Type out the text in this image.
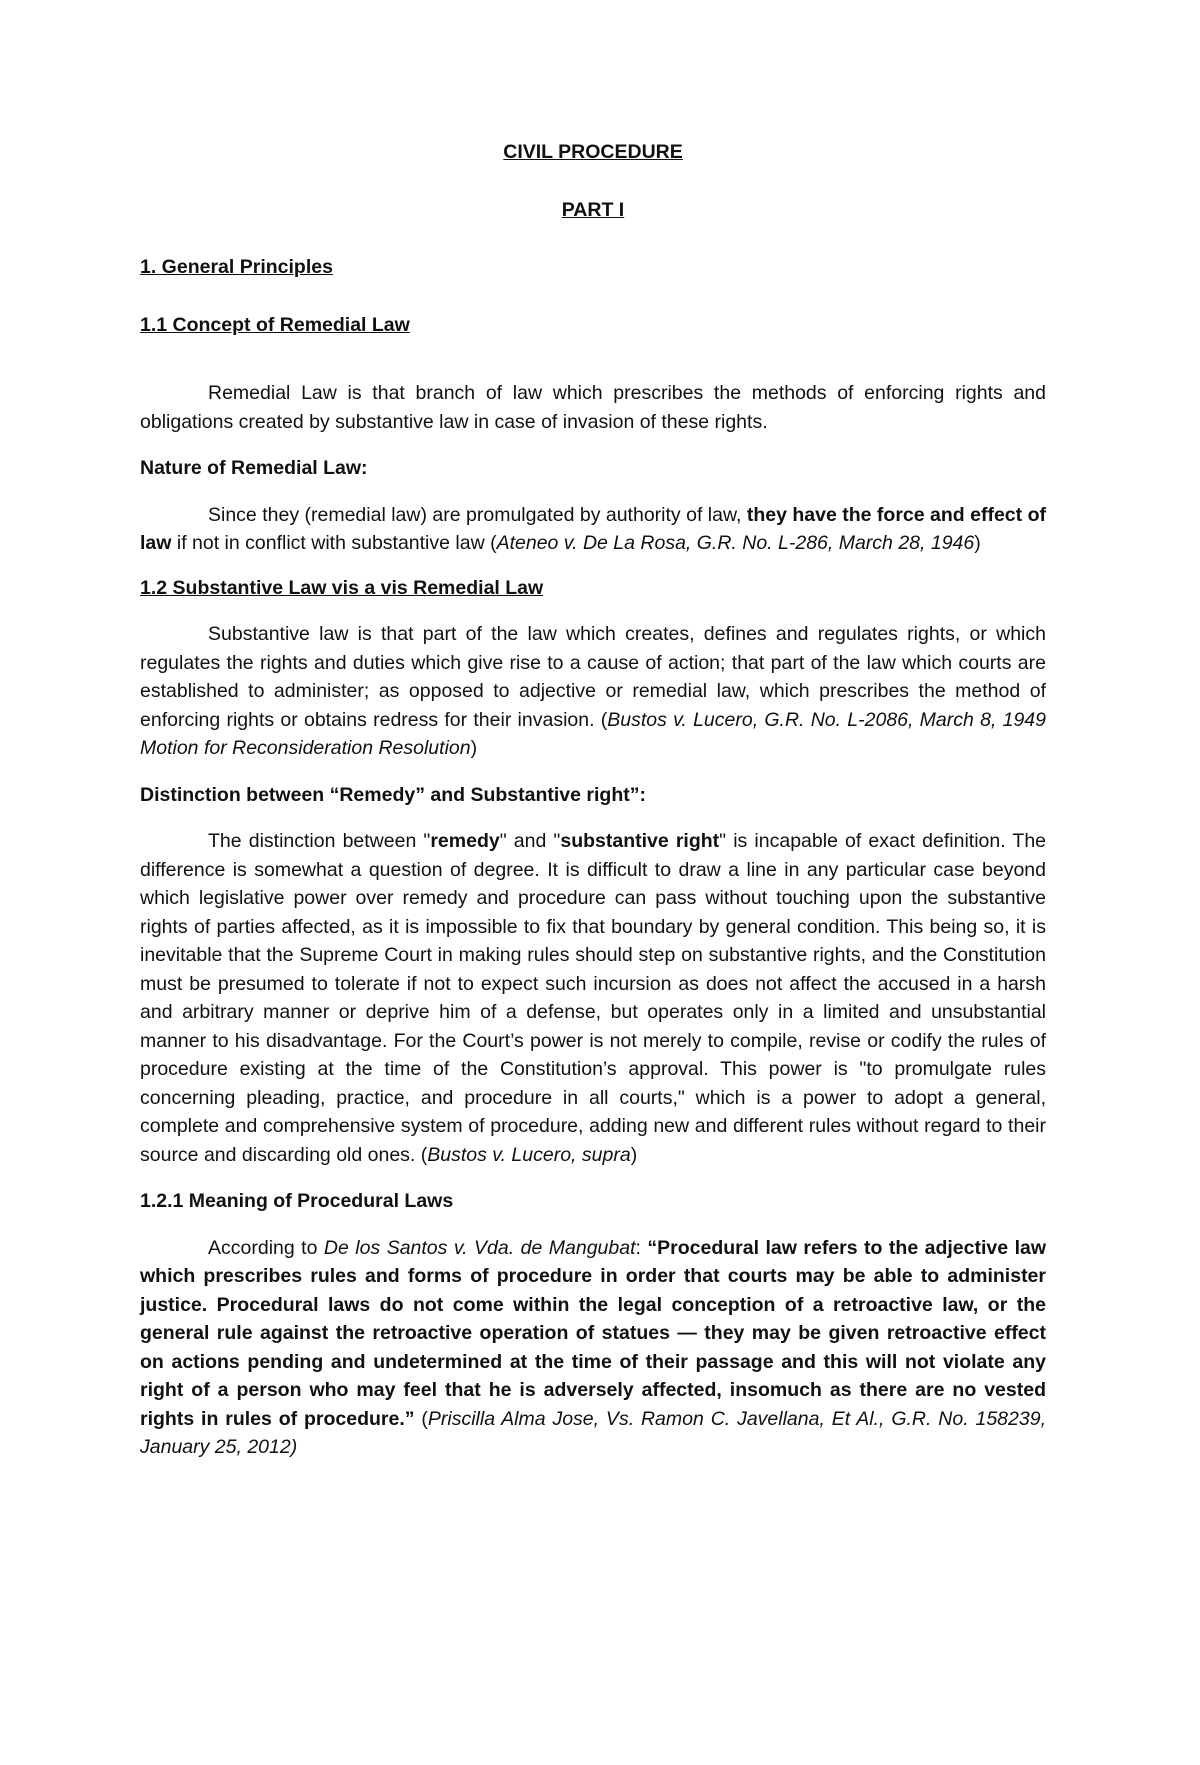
CIVIL PROCEDURE

PART I

1. General Principles

1.1 Concept of Remedial Law

Remedial Law is that branch of law which prescribes the methods of enforcing rights and obligations created by substantive law in case of invasion of these rights.

Nature of Remedial Law:

Since they (remedial law) are promulgated by authority of law, they have the force and effect of law if not in conflict with substantive law (Ateneo v. De La Rosa, G.R. No. L-286, March 28, 1946)

1.2 Substantive Law vis a vis Remedial Law

Substantive law is that part of the law which creates, defines and regulates rights, or which regulates the rights and duties which give rise to a cause of action; that part of the law which courts are established to administer; as opposed to adjective or remedial law, which prescribes the method of enforcing rights or obtains redress for their invasion. (Bustos v. Lucero, G.R. No. L-2086, March 8, 1949 Motion for Reconsideration Resolution)

Distinction between “Remedy” and Substantive right”:

The distinction between "remedy" and "substantive right" is incapable of exact definition. The difference is somewhat a question of degree. It is difficult to draw a line in any particular case beyond which legislative power over remedy and procedure can pass without touching upon the substantive rights of parties affected, as it is impossible to fix that boundary by general condition. This being so, it is inevitable that the Supreme Court in making rules should step on substantive rights, and the Constitution must be presumed to tolerate if not to expect such incursion as does not affect the accused in a harsh and arbitrary manner or deprive him of a defense, but operates only in a limited and unsubstantial manner to his disadvantage. For the Court’s power is not merely to compile, revise or codify the rules of procedure existing at the time of the Constitution’s approval. This power is "to promulgate rules concerning pleading, practice, and procedure in all courts," which is a power to adopt a general, complete and comprehensive system of procedure, adding new and different rules without regard to their source and discarding old ones. (Bustos v. Lucero, supra)

1.2.1 Meaning of Procedural Laws

According to De los Santos v. Vda. de Mangubat: “Procedural law refers to the adjective law which prescribes rules and forms of procedure in order that courts may be able to administer justice. Procedural laws do not come within the legal conception of a retroactive law, or the general rule against the retroactive operation of statues — they may be given retroactive effect on actions pending and undetermined at the time of their passage and this will not violate any right of a person who may feel that he is adversely affected, insomuch as there are no vested rights in rules of procedure.” (Priscilla Alma Jose, Vs. Ramon C. Javellana, Et Al., G.R. No. 158239, January 25, 2012)
